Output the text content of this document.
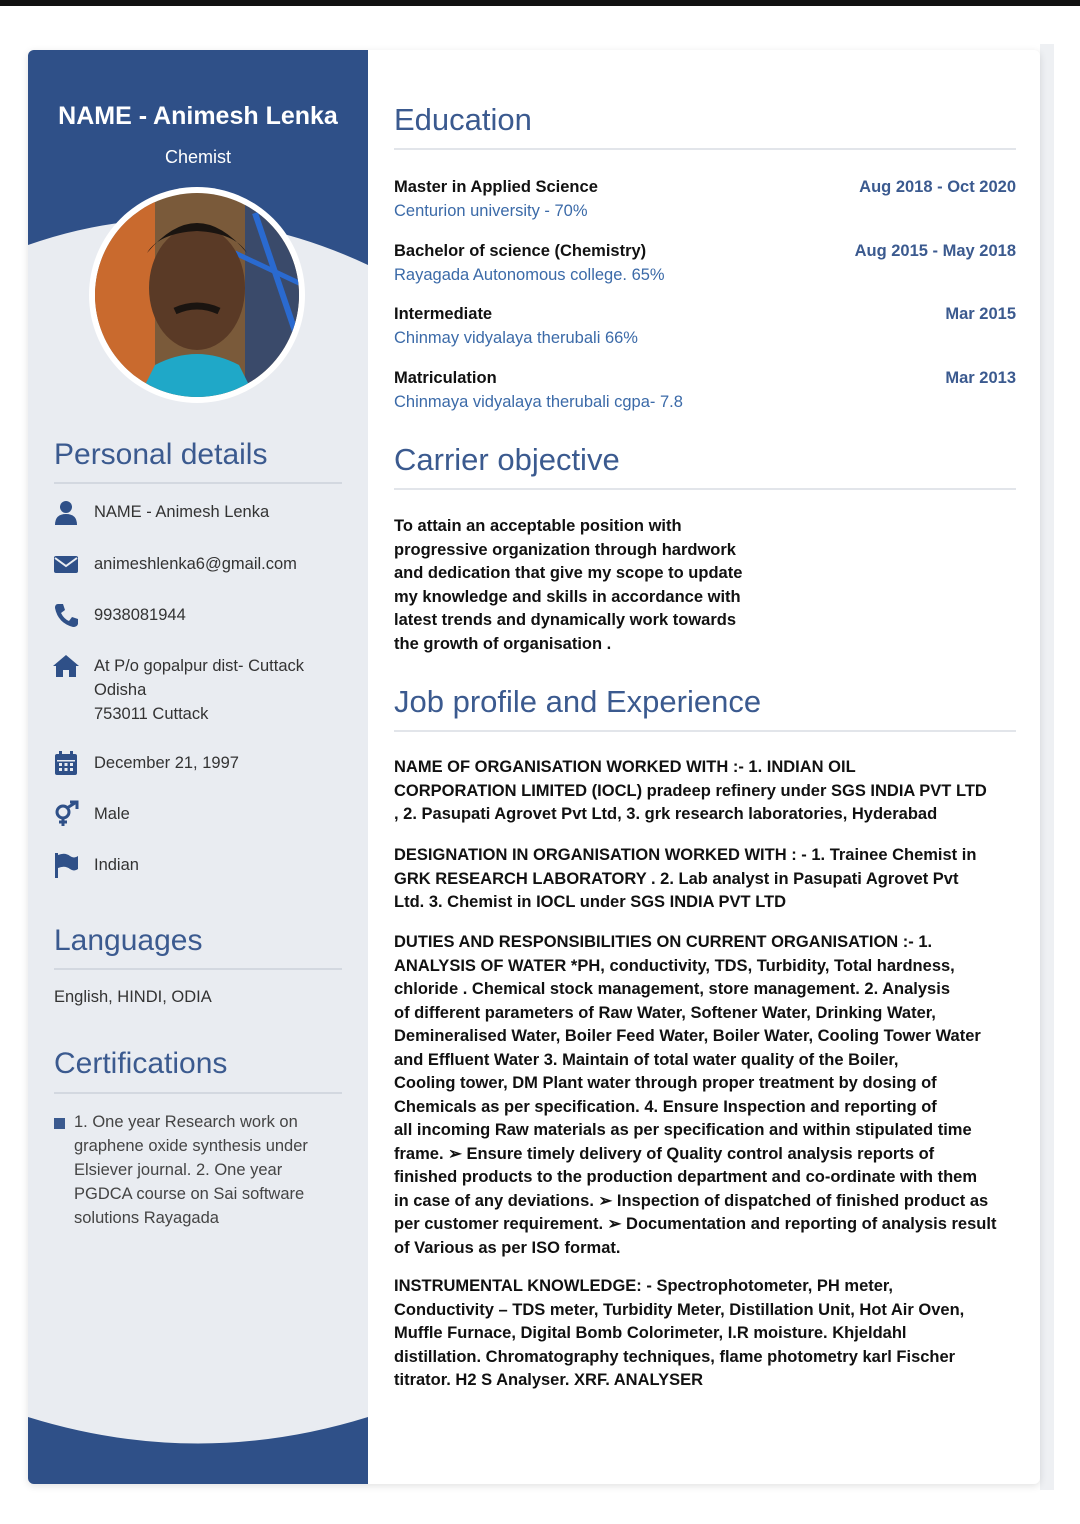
NAME - Animesh Lenka
Chemist
Personal details
NAME - Animesh Lenka
animeshlenka6@gmail.com
9938081944
At P/o gopalpur dist- Cuttack
Odisha
753011 Cuttack
December 21, 1997
Male
Indian
Languages
English, HINDI, ODIA
Certifications
1. One year Research work on graphene oxide synthesis under Elsiever journal. 2. One year PGDCA course on Sai software solutions Rayagada
Education
Master in Applied Science	Aug 2018 - Oct 2020
Centurion university - 70%
Bachelor of science (Chemistry)	Aug 2015 - May 2018
Rayagada Autonomous college. 65%
Intermediate	Mar 2015
Chinmay vidyalaya therubali 66%
Matriculation	Mar 2013
Chinmaya vidyalaya therubali cgpa- 7.8
Carrier objective
To attain an acceptable position with
progressive organization through hardwork
and dedication that give my scope to update
my knowledge and skills in accordance with
latest trends and dynamically work towards
the growth of organisation .
Job profile and Experience
NAME OF ORGANISATION WORKED WITH :- 1. INDIAN OIL
CORPORATION LIMITED (IOCL) pradeep refinery under SGS INDIA PVT LTD
, 2. Pasupati Agrovet Pvt Ltd, 3. grk research laboratories, Hyderabad
DESIGNATION IN ORGANISATION WORKED WITH : - 1. Trainee Chemist in
GRK RESEARCH LABORATORY . 2. Lab analyst in Pasupati Agrovet Pvt
Ltd. 3. Chemist in IOCL under SGS INDIA PVT LTD
DUTIES AND RESPONSIBILITIES ON CURRENT ORGANISATION :- 1.
ANALYSIS OF WATER *PH, conductivity, TDS, Turbidity, Total hardness,
chloride . Chemical stock management, store management. 2. Analysis
of different parameters of Raw Water, Softener Water, Drinking Water,
Demineralised Water, Boiler Feed Water, Boiler Water, Cooling Tower Water
and Effluent Water 3. Maintain of total water quality of the Boiler,
Cooling tower, DM Plant water through proper treatment by dosing of
Chemicals as per specification. 4. Ensure Inspection and reporting of
all incoming Raw materials as per specification and within stipulated time
frame. ➢ Ensure timely delivery of Quality control analysis reports of
finished products to the production department and co-ordinate with them
in case of any deviations. ➢ Inspection of dispatched of finished product as
per customer requirement. ➢ Documentation and reporting of analysis result
of Various as per ISO format.
INSTRUMENTAL KNOWLEDGE: - Spectrophotometer, PH meter,
Conductivity – TDS meter, Turbidity Meter, Distillation Unit, Hot Air Oven,
Muffle Furnace, Digital Bomb Colorimeter, I.R moisture. Khjeldahl
distillation. Chromatography techniques, flame photometry karl Fischer
titrator. H2 S Analyser. XRF. ANALYSER
